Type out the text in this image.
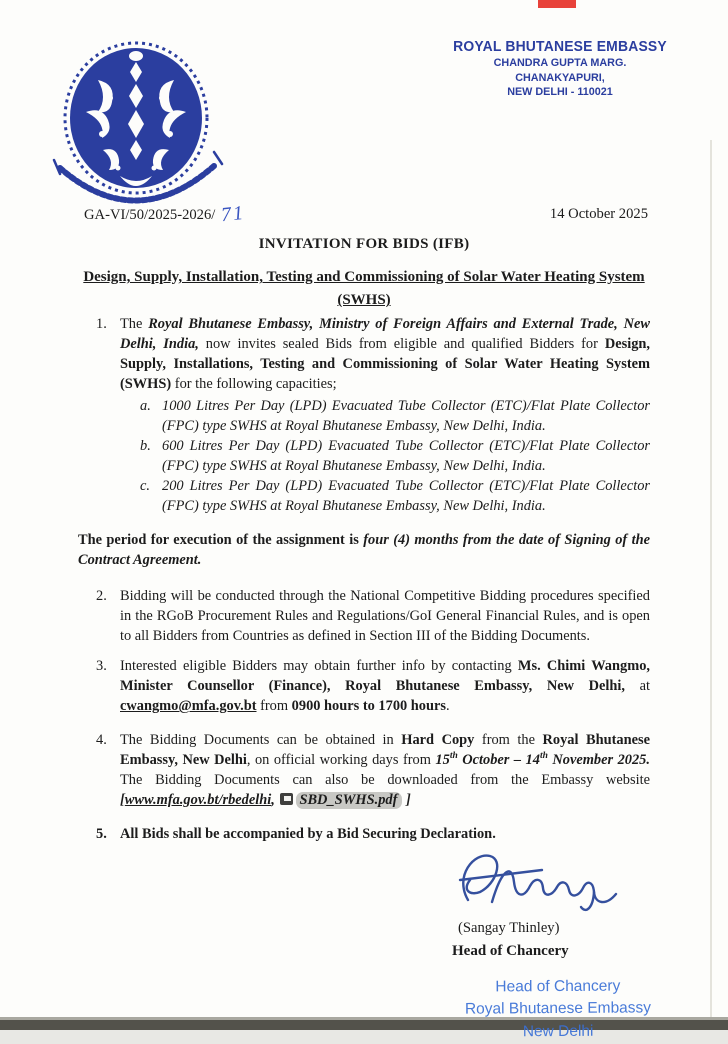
ROYAL BHUTANESE EMBASSY
CHANDRA GUPTA MARG.
CHANAKYAPURI,
NEW DELHI - 110021
GA-VI/50/2025-2026/ 71	14 October 2025
INVITATION FOR BIDS (IFB)
Design, Supply, Installation, Testing and Commissioning of Solar Water Heating System
(SWHS)
1. The Royal Bhutanese Embassy, Ministry of Foreign Affairs and External Trade, New Delhi, India, now invites sealed Bids from eligible and qualified Bidders for Design, Supply, Installations, Testing and Commissioning of Solar Water Heating System (SWHS) for the following capacities;
a. 1000 Litres Per Day (LPD) Evacuated Tube Collector (ETC)/Flat Plate Collector (FPC) type SWHS at Royal Bhutanese Embassy, New Delhi, India.
b. 600 Litres Per Day (LPD) Evacuated Tube Collector (ETC)/Flat Plate Collector (FPC) type SWHS at Royal Bhutanese Embassy, New Delhi, India.
c. 200 Litres Per Day (LPD) Evacuated Tube Collector (ETC)/Flat Plate Collector (FPC) type SWHS at Royal Bhutanese Embassy, New Delhi, India.
The period for execution of the assignment is four (4) months from the date of Signing of the Contract Agreement.
2. Bidding will be conducted through the National Competitive Bidding procedures specified in the RGoB Procurement Rules and Regulations/GoI General Financial Rules, and is open to all Bidders from Countries as defined in Section III of the Bidding Documents.
3. Interested eligible Bidders may obtain further info by contacting Ms. Chimi Wangmo, Minister Counsellor (Finance), Royal Bhutanese Embassy, New Delhi, at cwangmo@mfa.gov.bt from 0900 hours to 1700 hours.
4. The Bidding Documents can be obtained in Hard Copy from the Royal Bhutanese Embassy, New Delhi, on official working days from 15th October – 14th November 2025. The Bidding Documents can also be downloaded from the Embassy website [www.mfa.gov.bt/rbedelhi, SBD_SWHS.pdf ]
5. All Bids shall be accompanied by a Bid Securing Declaration.
(Sangay Thinley)
Head of Chancery
Head of Chancery
Royal Bhutanese Embassy
New Delhi
